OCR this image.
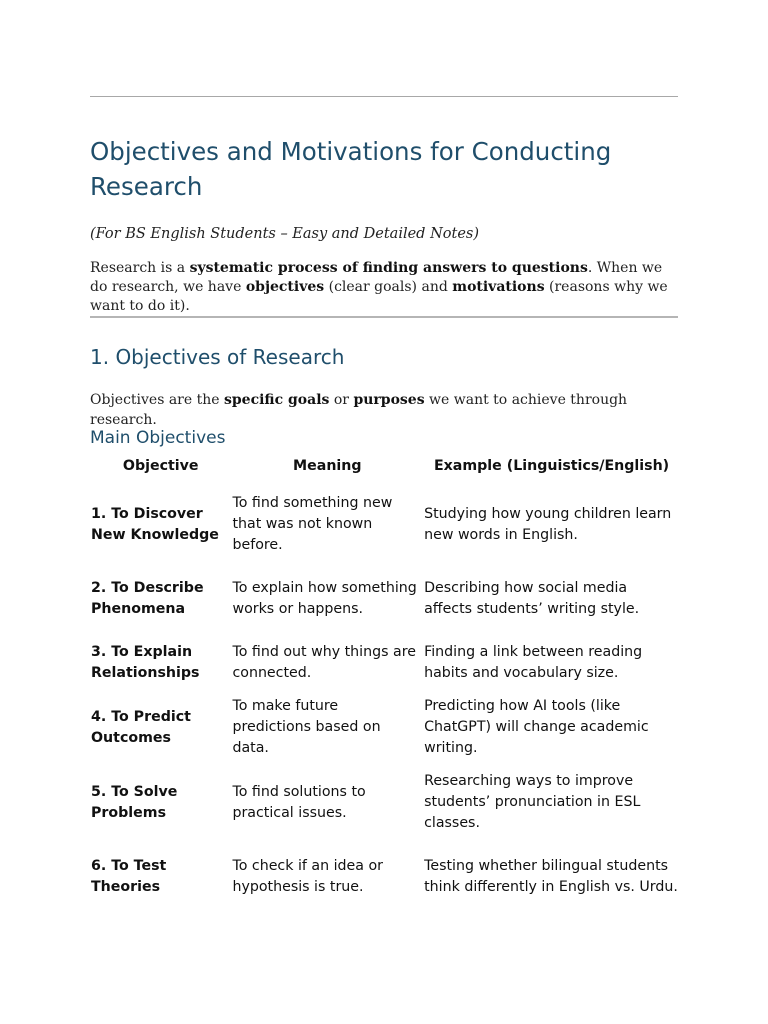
Objectives and Motivations for Conducting Research

(For BS English Students – Easy and Detailed Notes)

Research is a systematic process of finding answers to questions. When we do research, we have objectives (clear goals) and motivations (reasons why we want to do it).

1. Objectives of Research

Objectives are the specific goals or purposes we want to achieve through research.

Main Objectives
Objective	Meaning	Example (Linguistics/English)
1. To Discover New Knowledge	To find something new that was not known before.	Studying how young children learn new words in English.
2. To Describe Phenomena	To explain how something works or happens.	Describing how social media affects students’ writing style.
3. To Explain Relationships	To find out why things are connected.	Finding a link between reading habits and vocabulary size.
4. To Predict Outcomes	To make future predictions based on data.	Predicting how AI tools (like ChatGPT) will change academic writing.
5. To Solve Problems	To find solutions to practical issues.	Researching ways to improve students’ pronunciation in ESL classes.
6. To Test Theories	To check if an idea or hypothesis is true.	Testing whether bilingual students think differently in English vs. Urdu.
